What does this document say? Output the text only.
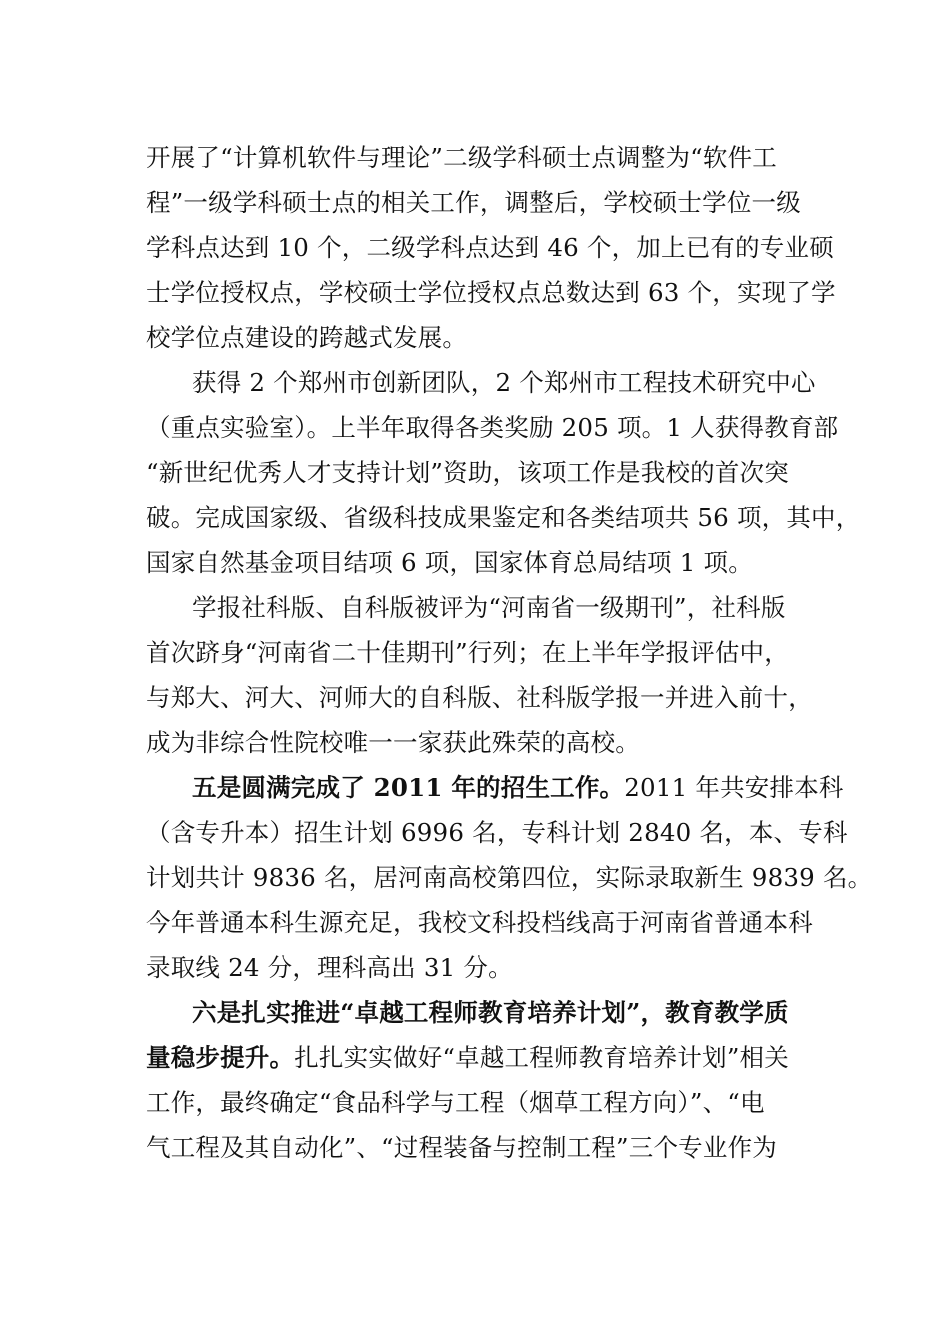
开展了“计算机软件与理论”二级学科硕士点调整为“软件工
程”一级学科硕士点的相关工作，调整后，学校硕士学位一级
学科点达到 10 个，二级学科点达到 46 个，加上已有的专业硕
士学位授权点，学校硕士学位授权点总数达到 63 个，实现了学
校学位点建设的跨越式发展。
获得 2 个郑州市创新团队，2 个郑州市工程技术研究中心
（重点实验室）。上半年取得各类奖励 205 项。1 人获得教育部
“新世纪优秀人才支持计划”资助，该项工作是我校的首次突
破。完成国家级、省级科技成果鉴定和各类结项共 56 项，其中，
国家自然基金项目结项 6 项，国家体育总局结项 1 项。
学报社科版、自科版被评为“河南省一级期刊”，社科版
首次跻身“河南省二十佳期刊”行列；在上半年学报评估中，
与郑大、河大、河师大的自科版、社科版学报一并进入前十，
成为非综合性院校唯一一家获此殊荣的高校。
五是圆满完成了 2011 年的招生工作。2011 年共安排本科
（含专升本）招生计划 6996 名，专科计划 2840 名，本、专科
计划共计 9836 名，居河南高校第四位，实际录取新生 9839 名。
今年普通本科生源充足，我校文科投档线高于河南省普通本科
录取线 24 分，理科高出 31 分。
六是扎实推进“卓越工程师教育培养计划”，教育教学质
量稳步提升。扎扎实实做好“卓越工程师教育培养计划”相关
工作，最终确定“食品科学与工程（烟草工程方向）”、“电
气工程及其自动化”、“过程装备与控制工程”三个专业作为
